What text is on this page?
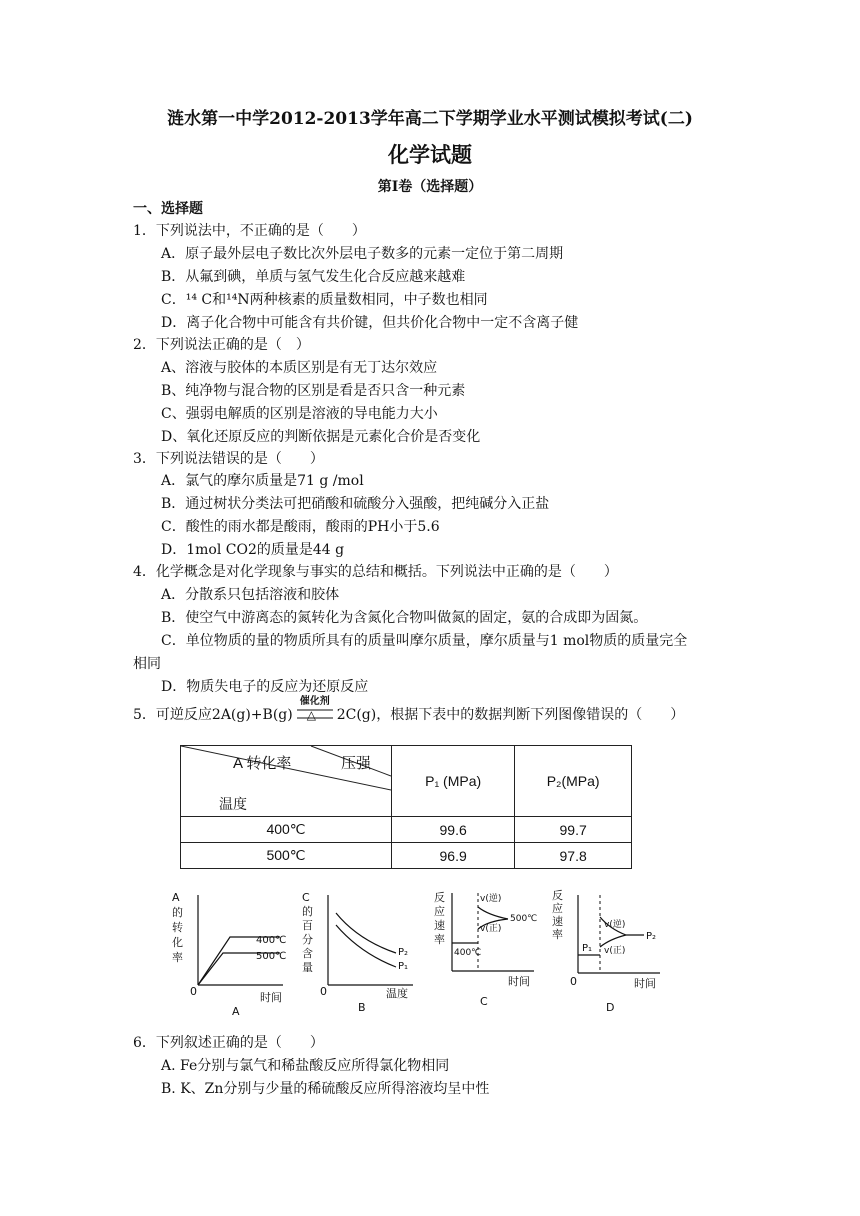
涟水第一中学2012-2013学年高二下学期学业水平测试模拟考试(二)
化学试题
第Ⅰ卷（选择题）
一、选择题
1．下列说法中，不正确的是（　　）
A．原子最外层电子数比次外层电子数多的元素一定位于第二周期
B．从氟到碘，单质与氢气发生化合反应越来越难
C．¹⁴ C和¹⁴N两种核素的质量数相同，中子数也相同
D．离子化合物中可能含有共价键，但共价化合物中一定不含离子健
2．下列说法正确的是（　）
A、溶液与胶体的本质区别是有无丁达尔效应
B、纯净物与混合物的区别是看是否只含一种元素
C、强弱电解质的区别是溶液的导电能力大小
D、氧化还原反应的判断依据是元素化合价是否变化
3．下列说法错误的是（　　）
A．氯气的摩尔质量是71 g /mol
B．通过树状分类法可把硝酸和硫酸分入强酸，把纯碱分入正盐
C．酸性的雨水都是酸雨，酸雨的PH小于5.6
D．1mol CO2的质量是44 g
4．化学概念是对化学现象与事实的总结和概括。下列说法中正确的是（　　）
A．分散系只包括溶液和胶体
B．使空气中游离态的氮转化为含氮化合物叫做氮的固定，氨的合成即为固氮。
C．单位物质的量的物质所具有的质量叫摩尔质量，摩尔质量与1 mol物质的质量完全
相同
D．物质失电子的反应为还原反应
5．可逆反应2A(g)+B(g)
催化剂
△ 2C(g)，根据下表中的数据判断下列图像错误的（　　）
A 转化率 压强
温度	P₁ (MPa)	P₂(MPa)
400℃	99.6	99.7
500℃	96.9	97.8
A
的
转
化
率
400℃
500℃
0	时间
A
C
的
百
分
含
量
P₂
P₁
0	温度
B
反
应
速
率
v(逆)
v(正)
500℃
400℃
时间
C
反
应
速
率
v(逆)
v(正)
P₂
P₁
0	时间
D
6．下列叙述正确的是（　　）
A. Fe分别与氯气和稀盐酸反应所得氯化物相同
B. K、Zn分别与少量的稀硫酸反应所得溶液均呈中性
